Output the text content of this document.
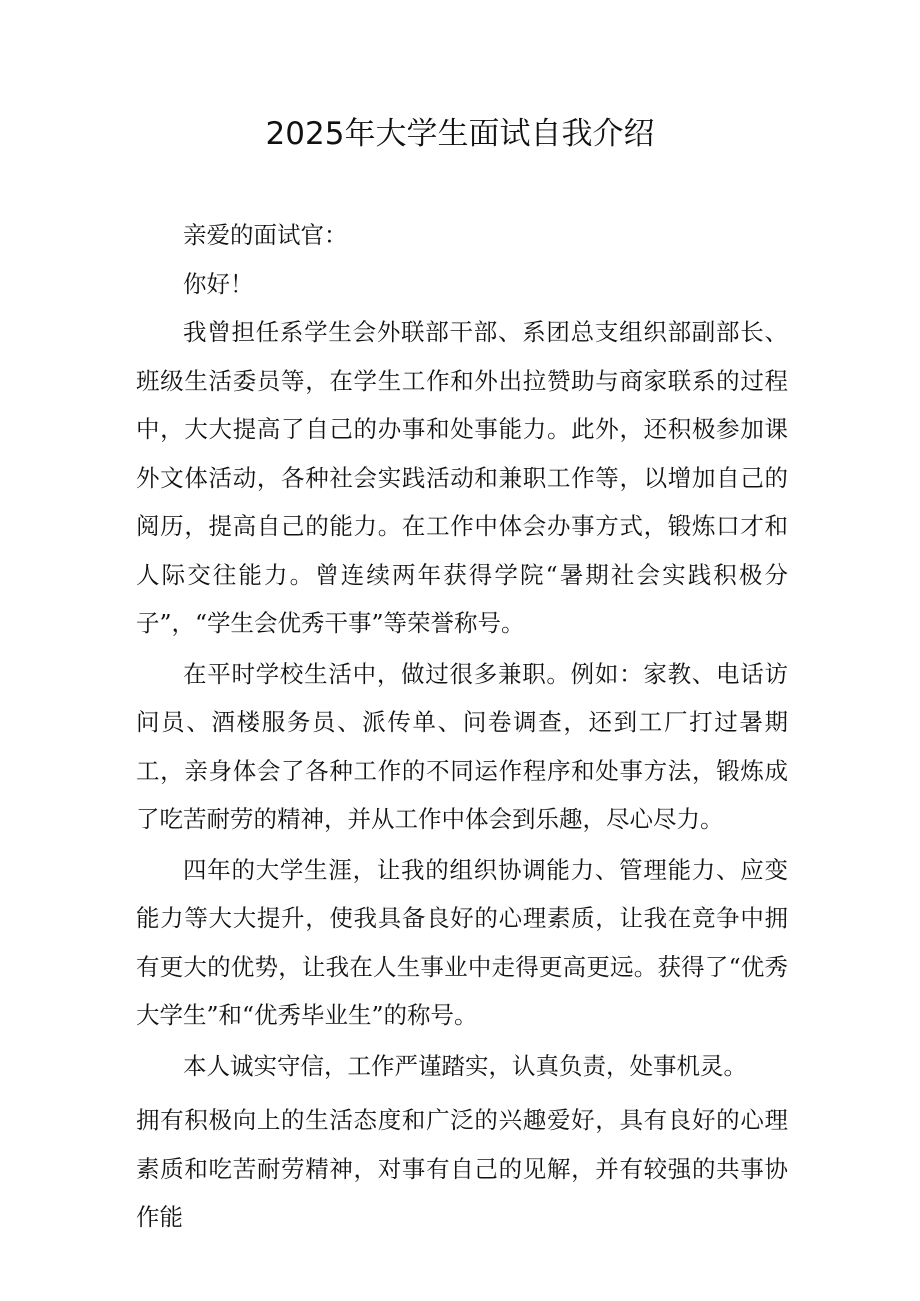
2025年大学生面试自我介绍

亲爱的面试官：

你好！

我曾担任系学生会外联部干部、系团总支组织部副部长、班级生活委员等，在学生工作和外出拉赞助与商家联系的过程中，大大提高了自己的办事和处事能力。此外，还积极参加课外文体活动，各种社会实践活动和兼职工作等，以增加自己的阅历，提高自己的能力。在工作中体会办事方式，锻炼口才和人际交往能力。曾连续两年获得学院“暑期社会实践积极分子”，“学生会优秀干事”等荣誉称号。

在平时学校生活中，做过很多兼职。例如：家教、电话访问员、酒楼服务员、派传单、问卷调查，还到工厂打过暑期工，亲身体会了各种工作的不同运作程序和处事方法，锻炼成了吃苦耐劳的精神，并从工作中体会到乐趣，尽心尽力。

四年的大学生涯，让我的组织协调能力、管理能力、应变能力等大大提升，使我具备良好的心理素质，让我在竞争中拥有更大的优势，让我在人生事业中走得更高更远。获得了“优秀大学生”和“优秀毕业生”的称号。

本人诚实守信，工作严谨踏实，认真负责，处事机灵。

拥有积极向上的生活态度和广泛的兴趣爱好，具有良好的心理素质和吃苦耐劳精神，对事有自己的见解，并有较强的共事协作能
